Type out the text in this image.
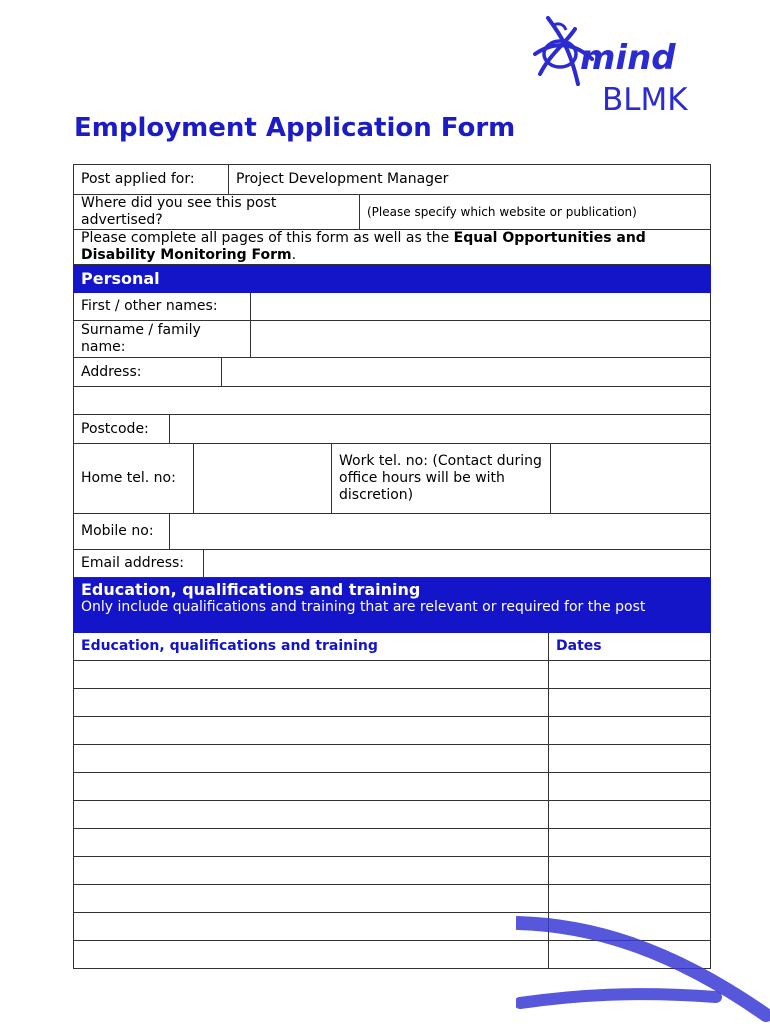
mind
BLMK
Employment Application Form
Post applied for:	Project Development Manager
Where did you see this post advertised?
(Please specify which website or publication)
Please complete all pages of this form as well as the Equal Opportunities and Disability Monitoring Form.
Personal
First / other names:
Surname / family name:
Address:
Postcode:
Home tel. no:
Work tel. no: (Contact during office hours will be with discretion)
Mobile no:
Email address:
Education, qualifications and training
Only include qualifications and training that are relevant or required for the post
Education, qualifications and training	Dates
